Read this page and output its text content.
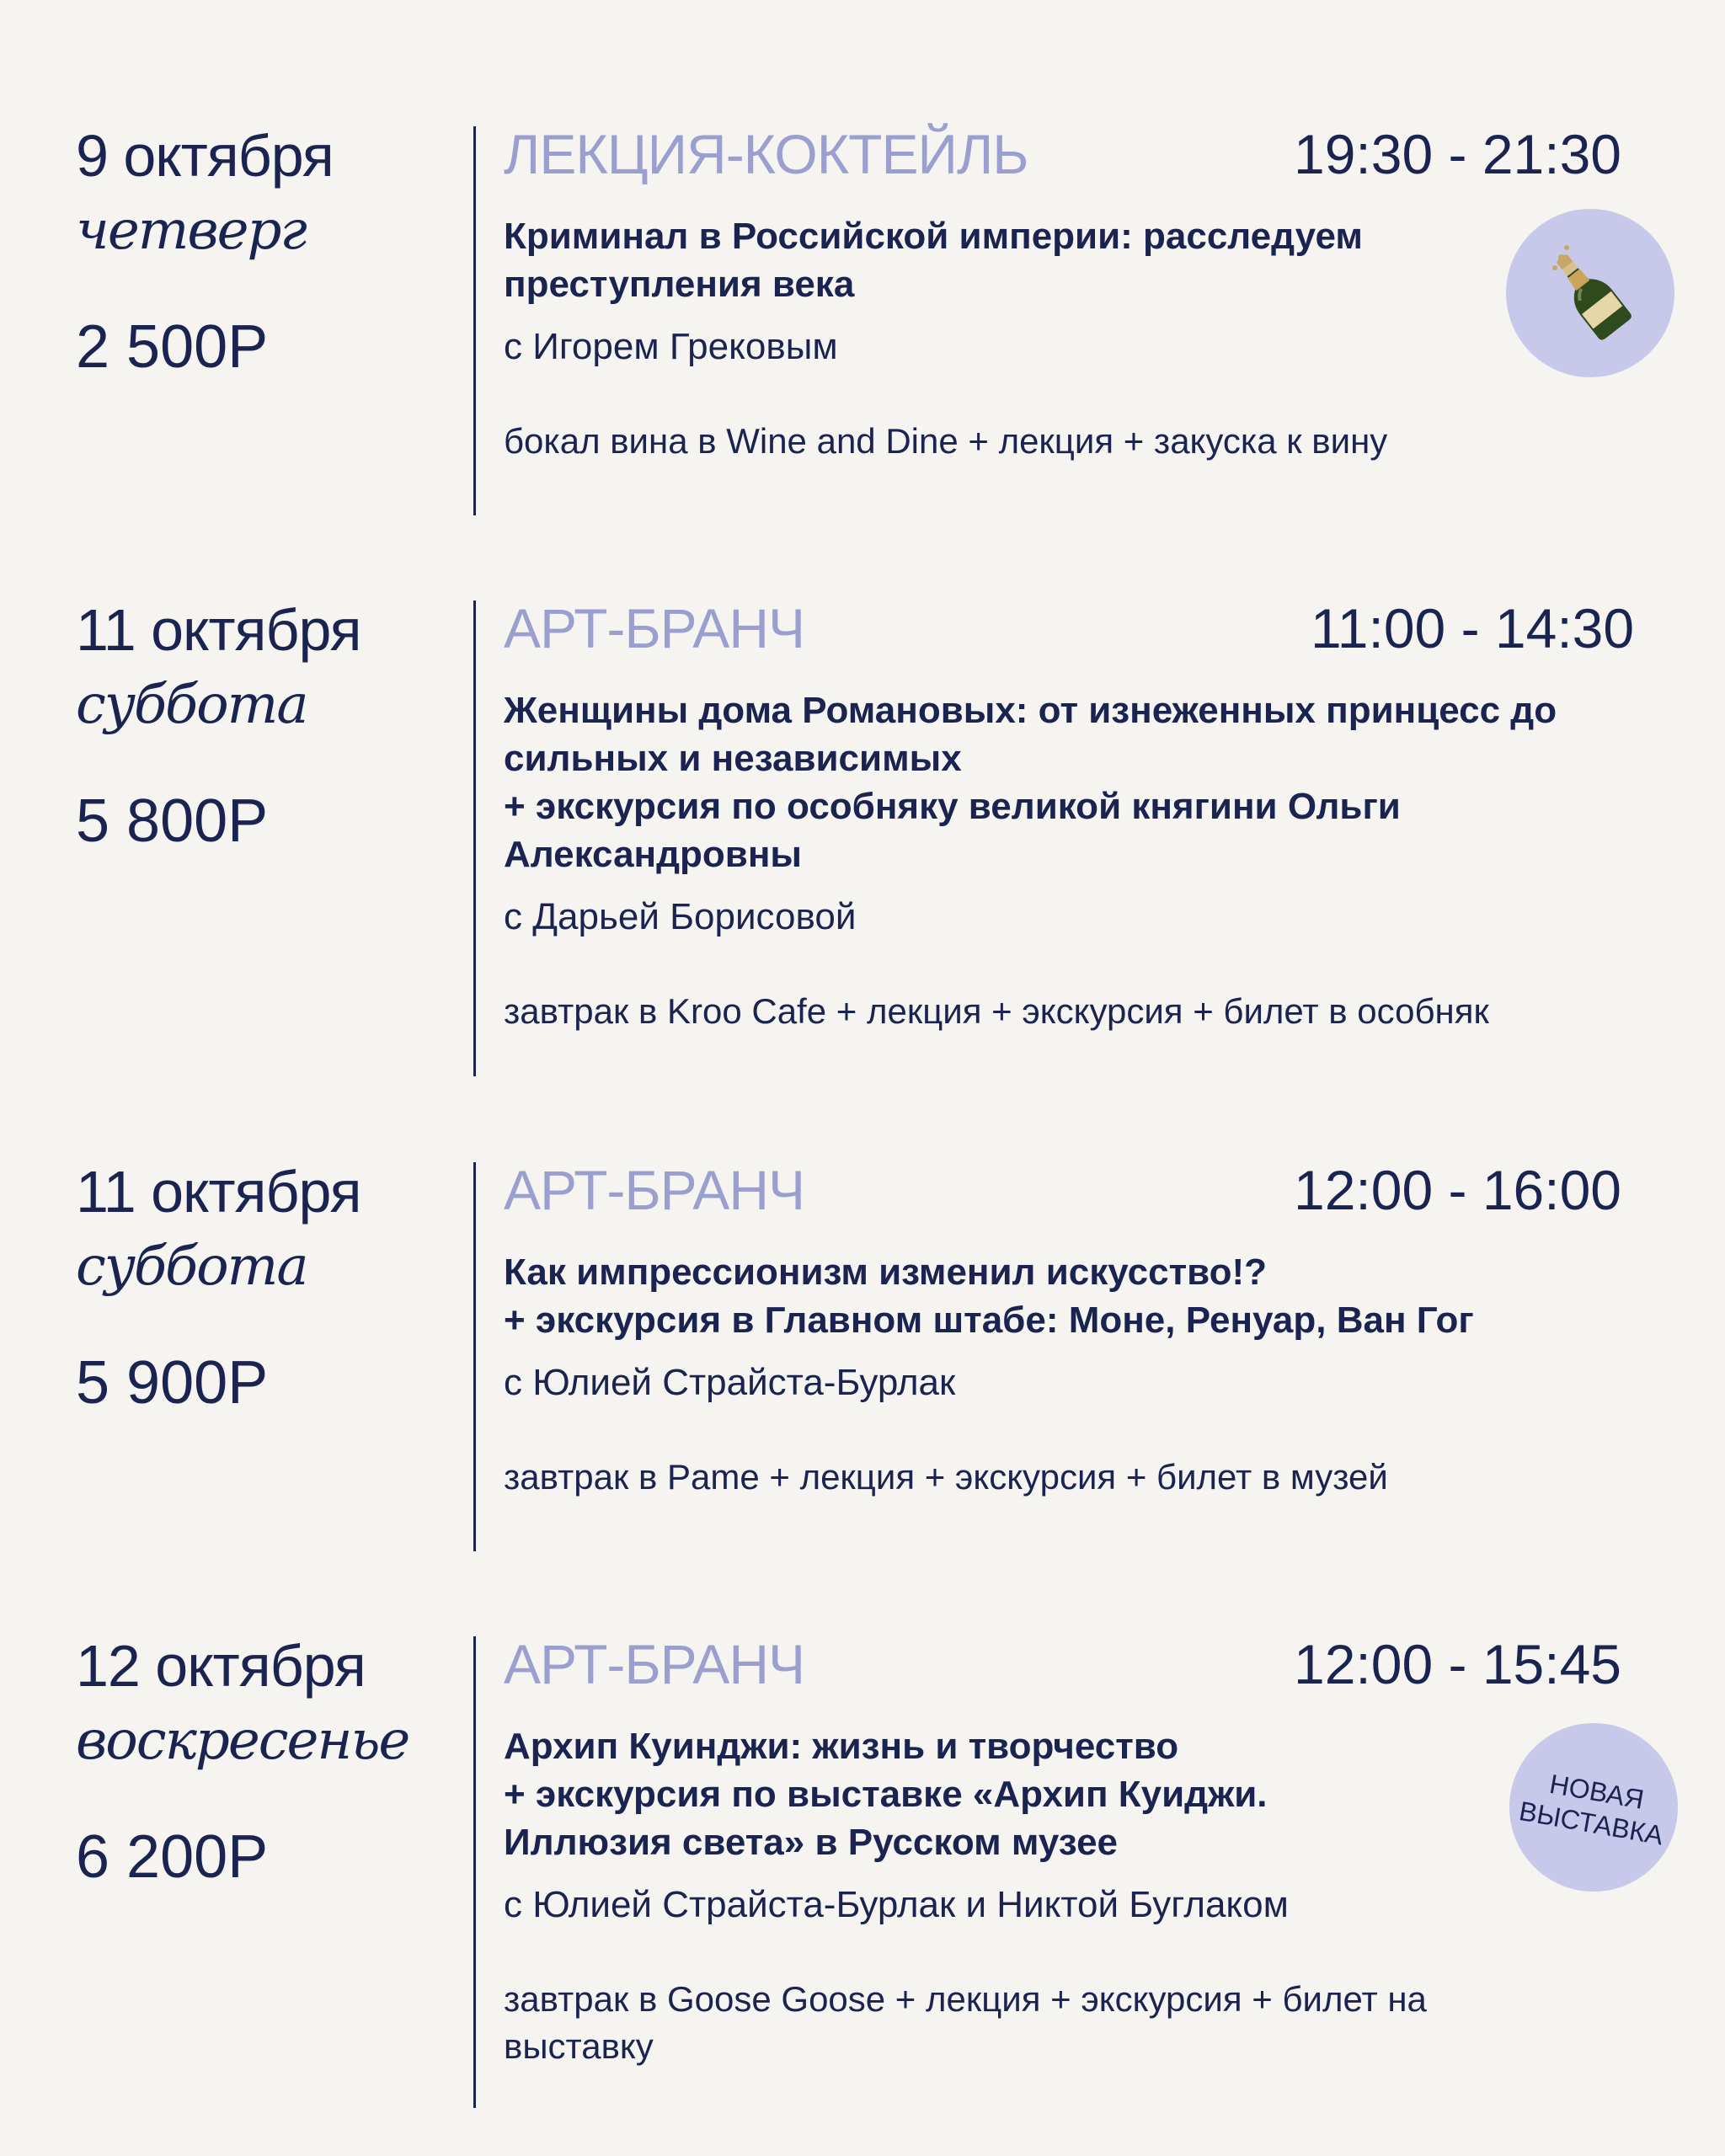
9 октября
четверг
2 500Р
ЛЕКЦИЯ-КОКТЕЙЛЬ	19:30 - 21:30
Криминал в Российской империи: расследуем преступления века
с Игорем Грековым
бокал вина в Wine and Dine + лекция + закуска к вину
11 октября
суббота
5 800Р
АРТ-БРАНЧ	11:00 - 14:30
Женщины дома Романовых: от изнеженных принцесс до сильных и независимых
+ экскурсия по особняку великой княгини Ольги Александровны
с Дарьей Борисовой
завтрак в Kroo Cafe + лекция + экскурсия + билет в особняк
11 октября
суббота
5 900Р
АРТ-БРАНЧ	12:00 - 16:00
Как импрессионизм изменил искусство!?
+ экскурсия в Главном штабе: Моне, Ренуар, Ван Гог
с Юлией Страйста-Бурлак
завтрак в Pame + лекция + экскурсия + билет в музей
12 октября
воскресенье
6 200Р
АРТ-БРАНЧ	12:00 - 15:45
Архип Куинджи: жизнь и творчество
+ экскурсия по выставке «Архип Куиджи. Иллюзия света» в Русском музее
с Юлией Страйста-Бурлак и Никтой Буглаком
завтрак в Goose Goose + лекция + экскурсия + билет на выставку
НОВАЯ
ВЫСТАВКА
